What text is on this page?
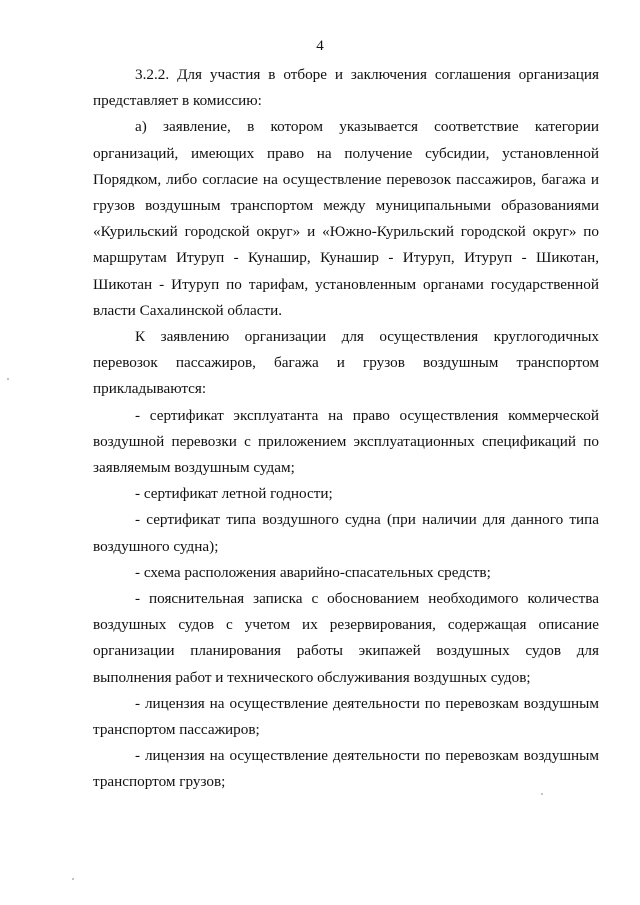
4

3.2.2. Для участия в отборе и заключения соглашения организация представляет в комиссию:

а) заявление, в котором указывается соответствие категории организаций, имеющих право на получение субсидии, установленной Порядком, либо согласие на осуществление перевозок пассажиров, багажа и грузов воздушным транспортом между муниципальными образованиями «Курильский городской округ» и «Южно-Курильский городской округ» по маршрутам Итуруп - Кунашир, Кунашир - Итуруп, Итуруп - Шикотан, Шикотан - Итуруп по тарифам, установленным органами государственной власти Сахалинской области.

К заявлению организации для осуществления круглогодичных перевозок пассажиров, багажа и грузов воздушным транспортом прикладываются:

- сертификат эксплуатанта на право осуществления коммерческой воздушной перевозки с приложением эксплуатационных спецификаций по заявляемым воздушным судам;

- сертификат летной годности;

- сертификат типа воздушного судна (при наличии для данного типа воздушного судна);

- схема расположения аварийно-спасательных средств;

- пояснительная записка с обоснованием необходимого количества воздушных судов с учетом их резервирования, содержащая описание организации планирования работы экипажей воздушных судов для выполнения работ и технического обслуживания воздушных судов;

- лицензия на осуществление деятельности по перевозкам воздушным транспортом пассажиров;

- лицензия на осуществление деятельности по перевозкам воздушным транспортом грузов;
